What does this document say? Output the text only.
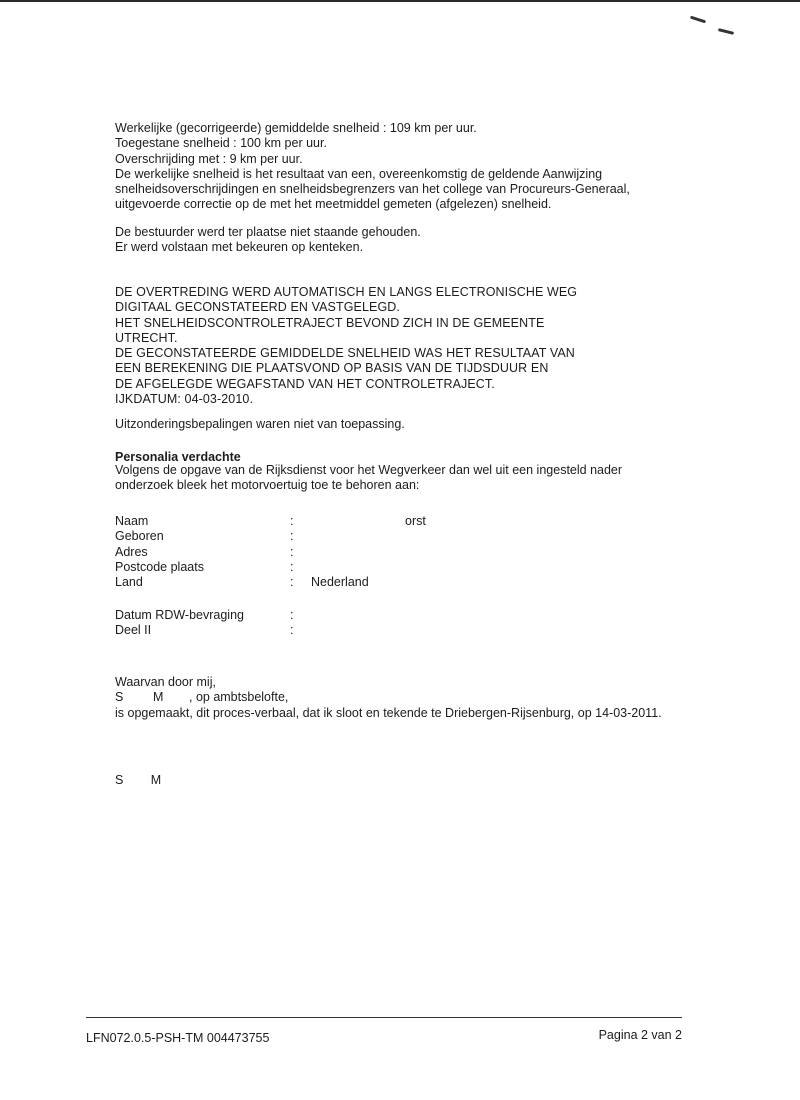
Werkelijke (gecorrigeerde) gemiddelde snelheid : 109 km per uur.
Toegestane snelheid : 100 km per uur.
Overschrijding met : 9 km per uur.
De werkelijke snelheid is het resultaat van een, overeenkomstig de geldende Aanwijzing
snelheidsoverschrijdingen en snelheidsbegrenzers van het college van Procureurs-Generaal,
uitgevoerde correctie op de met het meetmiddel gemeten (afgelezen) snelheid.
De bestuurder werd ter plaatse niet staande gehouden.
Er werd volstaan met bekeuren op kenteken.
DE OVERTREDING WERD AUTOMATISCH EN LANGS ELECTRONISCHE WEG
DIGITAAL GECONSTATEERD EN VASTGELEGD.
HET SNELHEIDSCONTROLETRAJECT BEVOND ZICH IN DE GEMEENTE
UTRECHT.
DE GECONSTATEERDE GEMIDDELDE SNELHEID WAS HET RESULTAAT VAN
EEN BEREKENING DIE PLAATSVOND OP BASIS VAN DE TIJDSDUUR EN
DE AFGELEGDE WEGAFSTAND VAN HET CONTROLETRAJECT.
IJKDATUM: 04-03-2010.
Uitzonderingsbepalingen waren niet van toepassing.
Personalia verdachte
Volgens de opgave van de Rijksdienst voor het Wegverkeer dan wel uit een ingesteld nader
onderzoek bleek het motorvoertuig toe te behoren aan:
Naam	:	orst
Geboren	:
Adres	:
Postcode plaats	:
Land	: Nederland
Datum RDW-bevraging	:
Deel II	:
Waarvan door mij,
S M , op ambtsbelofte,
is opgemaakt, dit proces-verbaal, dat ik sloot en tekende te Driebergen-Rijsenburg, op 14-03-2011.
S M
LFN072.0.5-PSH-TM 004473755	Pagina 2 van 2
